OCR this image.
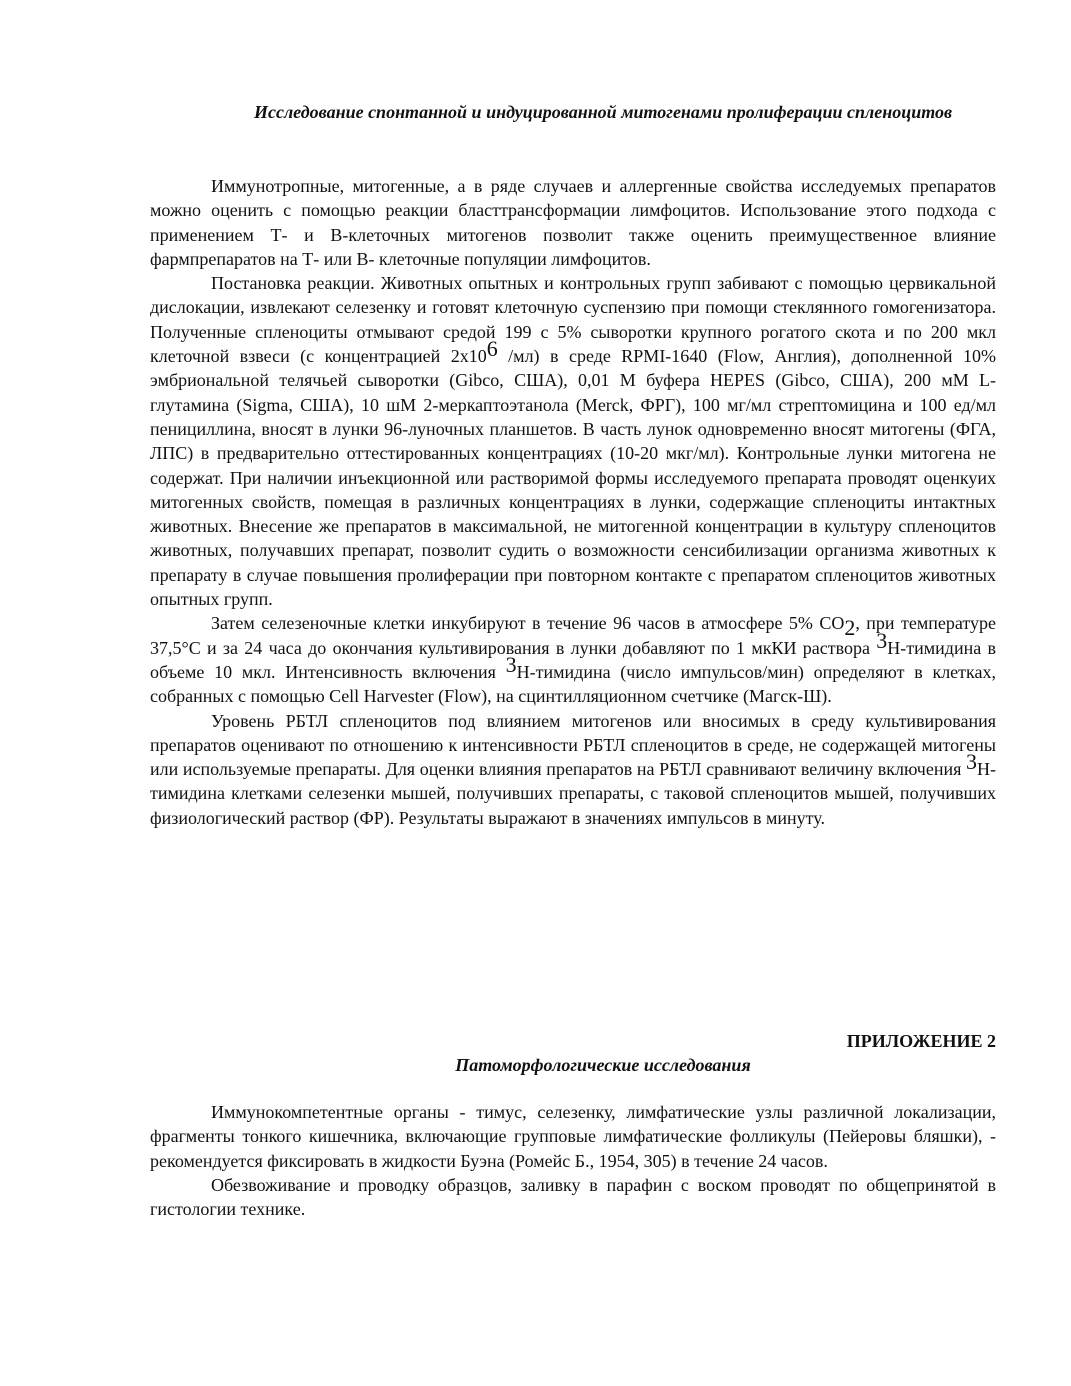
Исследование спонтанной и индуцированной митогенами пролиферации спленоцитов

Иммунотропные, митогенные, а в ряде случаев и аллергенные свойства исследуемых препаратов можно оценить с помощью реакции бласттрансформации лимфоцитов. Использование этого подхода с применением Т- и В-клеточных митогенов позволит также оценить преимущественное влияние фармпрепаратов на Т- или В- клеточные популяции лимфоцитов.

Постановка реакции. Животных опытных и контрольных групп забивают с помощью цервикальной дислокации, извлекают селезенку и готовят клеточную суспензию при помощи стеклянного гомогенизатора. Полученные спленоциты отмывают средой 199 с 5% сыворотки крупного рогатого скота и по 200 мкл клеточной взвеси (с концентрацией 2x106 /мл) в среде RPMI-1640 (Flow, Англия), дополненной 10% эмбриональной телячьей сыворотки (Gibco, США), 0,01 М буфера HEPES (Gibco, США), 200 мМ L-глутамина (Sigma, США), 10 шМ 2-меркаптоэтанола (Merck, ФРГ), 100 мг/мл стрептомицина и 100 ед/мл пенициллина, вносят в лунки 96-луночных планшетов. В часть лунок одновременно вносят митогены (ФГА, ЛПС) в предварительно оттестированных концентрациях (10-20 мкг/мл). Контрольные лунки митогена не содержат. При наличии инъекционной или растворимой формы исследуемого препарата проводят оценкуих митогенных свойств, помещая в различных концентрациях в лунки, содержащие спленоциты интактных животных. Внесение же препаратов в максимальной, не митогенной концентрации в культуру спленоцитов животных, получавших препарат, позволит судить о возможности сенсибилизации организма животных к препарату в случае повышения пролиферации при повторном контакте с препаратом спленоцитов животных опытных групп.

Затем селезеночные клетки инкубируют в течение 96 часов в атмосфере 5% CO2, при температуре 37,5°C и за 24 часа до окончания культивирования в лунки добавляют по 1 мкКИ раствора 3Н-тимидина в объеме 10 мкл. Интенсивность включения 3Н-тимидина (число импульсов/мин) определяют в клетках, собранных с помощью Cell Harvester (Flow), на сцинтилляционном счетчике (Магск-Ш).

Уровень РБТЛ спленоцитов под влиянием митогенов или вносимых в среду культивирования препаратов оценивают по отношению к интенсивности РБТЛ спленоцитов в среде, не содержащей митогены или используемые препараты. Для оценки влияния препаратов на РБТЛ сравнивают величину включения 3Н-тимидина клетками селезенки мышей, получивших препараты, с таковой спленоцитов мышей, получивших физиологический раствор (ФР). Результаты выражают в значениях импульсов в минуту.

ПРИЛОЖЕНИЕ 2
Патоморфологические исследования

Иммунокомпетентные органы - тимус, селезенку, лимфатические узлы различной локализации, фрагменты тонкого кишечника, включающие групповые лимфатические фолликулы (Пейеровы бляшки), - рекомендуется фиксировать в жидкости Буэна (Ромейс Б., 1954, 305) в течение 24 часов.

Обезвоживание и проводку образцов, заливку в парафин с воском проводят по общепринятой в гистологии технике.
